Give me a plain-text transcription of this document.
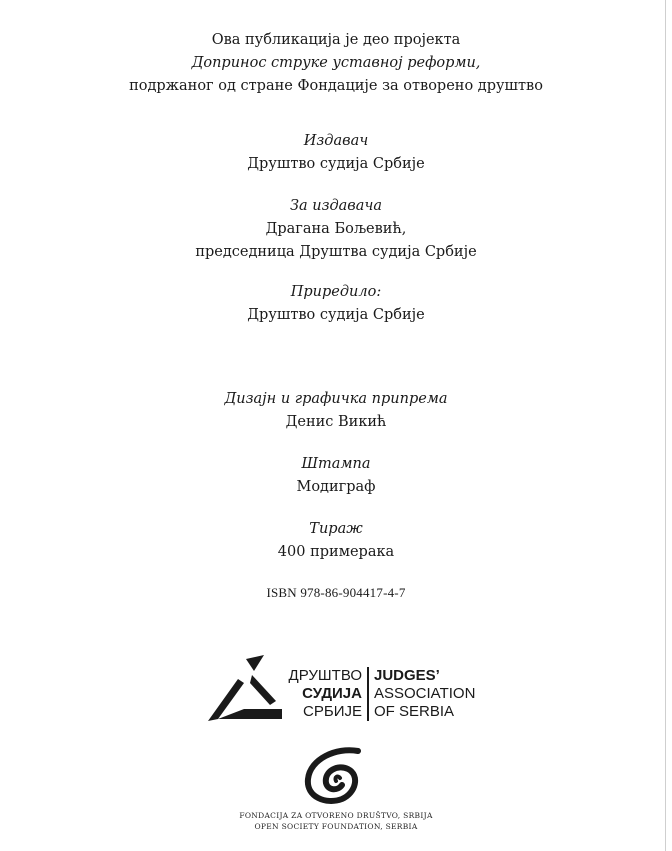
Ова публикација је део пројекта
Допринос струке уставној реформи,
подржаног од стране Фондације за отворено друштво
Издавач
Друштво судија Србије
За издавача
Драгана Бољевић,
председница Друштва судија Србије
Приредило:
Друштво судија Србије
Дизајн и графичка припрема
Денис Викић
Штампа
Модиграф
Тираж
400 примерака
ISBN 978-86-904417-4-7
ДРУШТВО
СУДИЈА
СРБИЈЕ
JUDGES’
ASSOCIATION
OF SERBIA
FONDACIJA ZA OTVORENO DRUŠTVO, SRBIJA
OPEN SOCIETY FOUNDATION, SERBIA
